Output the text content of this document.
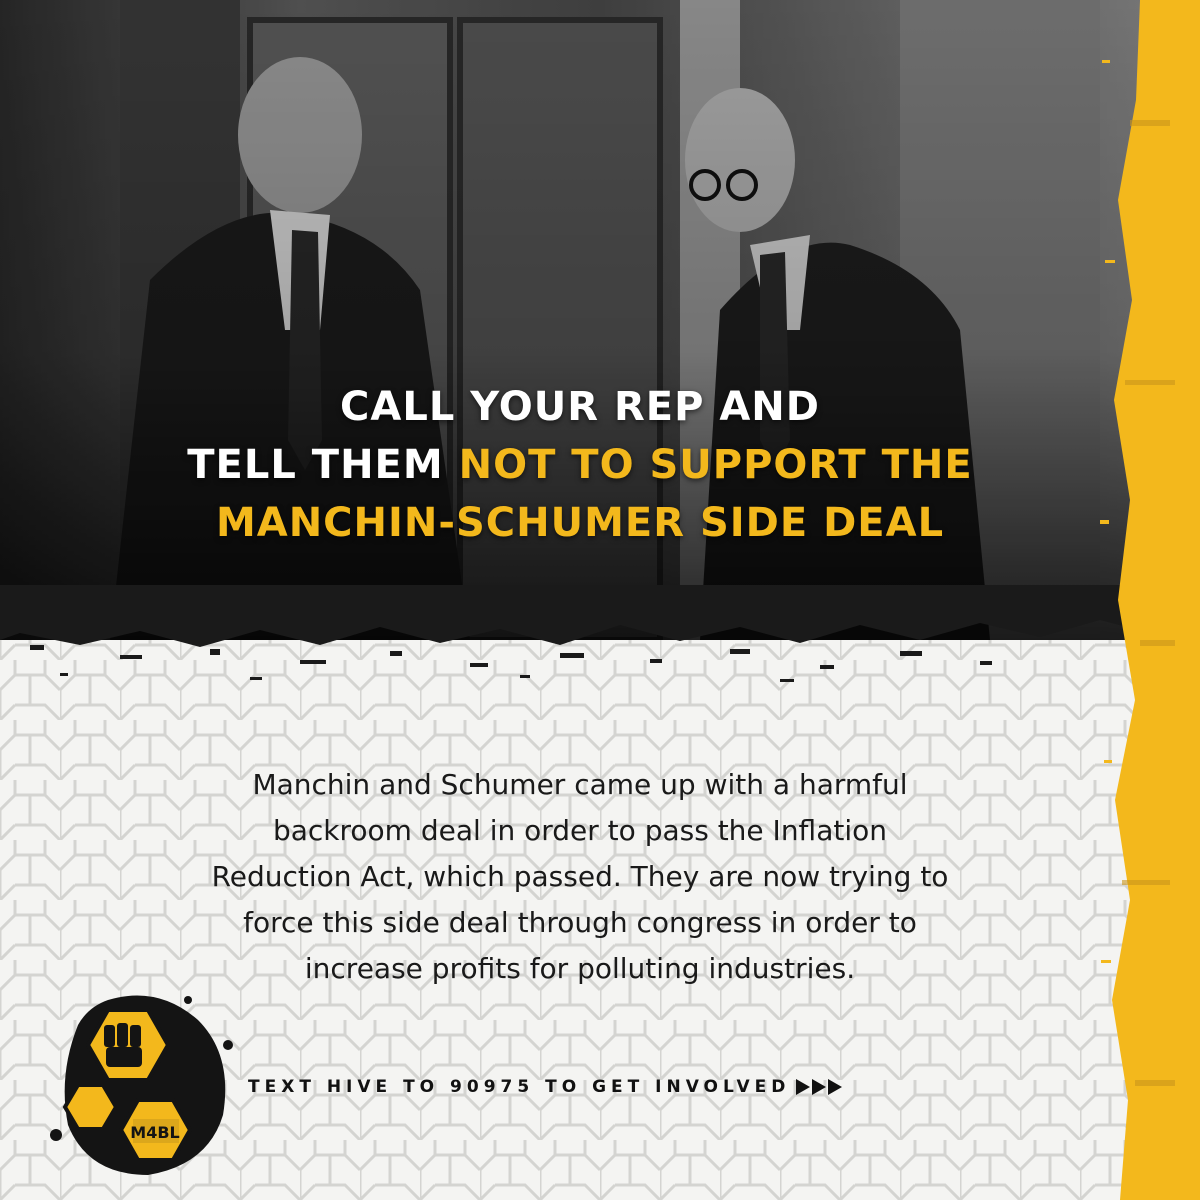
CALL YOUR REP AND
TELL THEM NOT TO SUPPORT THE
MANCHIN-SCHUMER SIDE DEAL

Manchin and Schumer came up with a harmful
backroom deal in order to pass the Inflation
Reduction Act, which passed. They are now trying to
force this side deal through congress in order to
increase profits for polluting industries.

M4BL
TEXT HIVE TO 90975 TO GET INVOLVED
